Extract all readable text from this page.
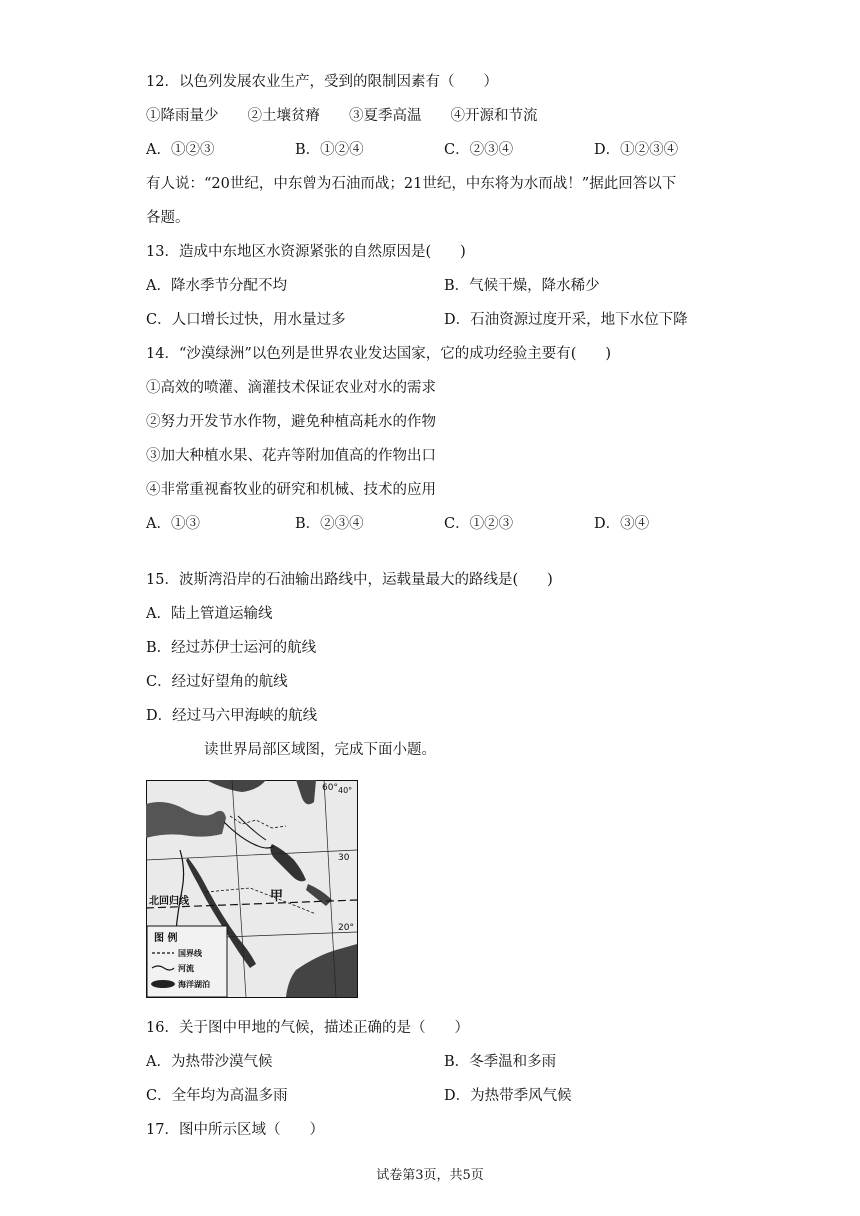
12．以色列发展农业生产，受到的限制因素有（　　）
①降雨量少　　②土壤贫瘠　　③夏季高温　　④开源和节流
A．①②③	B．①②④	C．②③④	D．①②③④
有人说：“20世纪，中东曾为石油而战；21世纪，中东将为水而战！”据此回答以下
各题。
13．造成中东地区水资源紧张的自然原因是(　　)
A．降水季节分配不均	B．气候干燥，降水稀少
C．人口增长过快，用水量过多	D．石油资源过度开采，地下水位下降
14．“沙漠绿洲”以色列是世界农业发达国家，它的成功经验主要有(　　)
①高效的喷灌、滴灌技术保证农业对水的需求
②努力开发节水作物，避免种植高耗水的作物
③加大种植水果、花卉等附加值高的作物出口
④非常重视畜牧业的研究和机械、技术的应用
A．①③	B．②③④	C．①②③	D．③④
15．波斯湾沿岸的石油输出路线中，运载量最大的路线是(　　)
A．陆上管道运输线
B．经过苏伊士运河的航线
C．经过好望角的航线
D．经过马六甲海峡的航线
读世界局部区域图，完成下面小题。
60° 40°
30
20°
甲
北回归线
图 例
国界线
河流
海洋湖泊
16．关于图中甲地的气候，描述正确的是（　　）
A．为热带沙漠气候	B．冬季温和多雨
C．全年均为高温多雨	D．为热带季风气候
17．图中所示区域（　　）
试卷第3页，共5页
